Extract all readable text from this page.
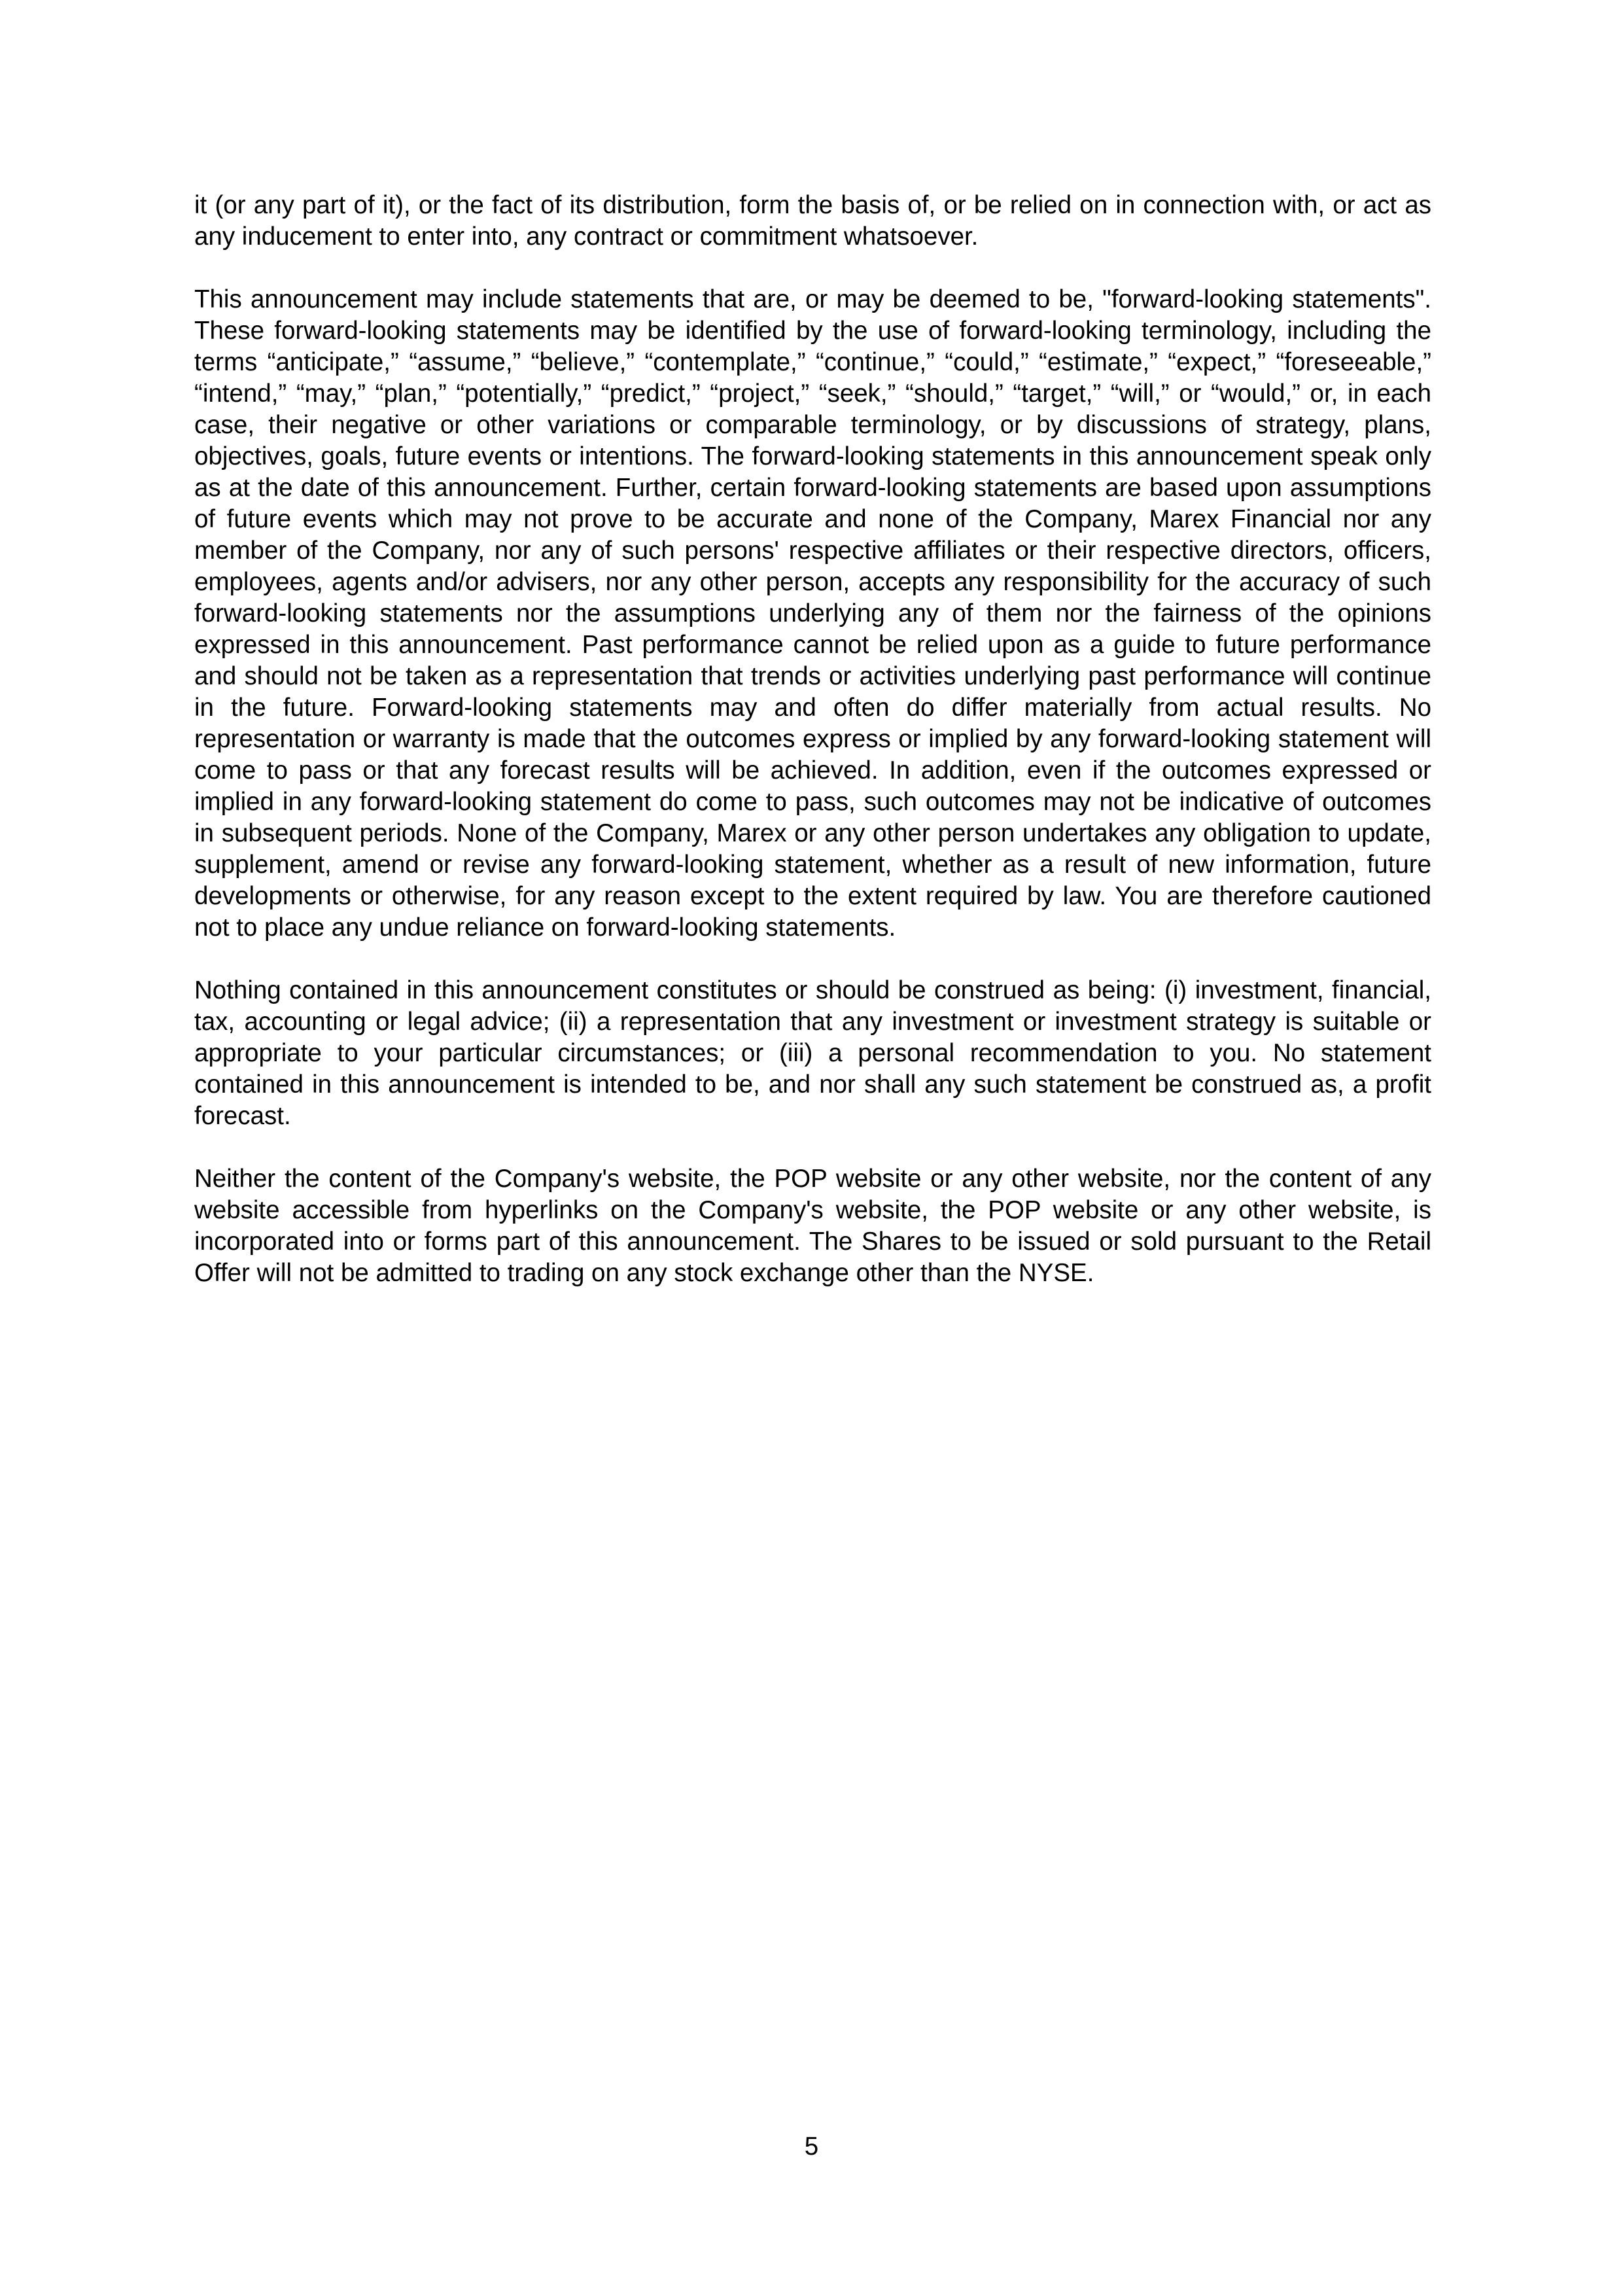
it (or any part of it), or the fact of its distribution, form the basis of, or be relied on in connection with, or act as any inducement to enter into, any contract or commitment whatsoever.

This announcement may include statements that are, or may be deemed to be, "forward-looking statements". These forward-looking statements may be identified by the use of forward-looking terminology, including the terms “anticipate,” “assume,” “believe,” “contemplate,” “continue,” “could,” “estimate,” “expect,” “foreseeable,” “intend,” “may,” “plan,” “potentially,” “predict,” “project,” “seek,” “should,” “target,” “will,” or “would,” or, in each case, their negative or other variations or comparable terminology, or by discussions of strategy, plans, objectives, goals, future events or intentions. The forward-looking statements in this announcement speak only as at the date of this announcement. Further, certain forward-looking statements are based upon assumptions of future events which may not prove to be accurate and none of the Company, Marex Financial nor any member of the Company, nor any of such persons' respective affiliates or their respective directors, officers, employees, agents and/or advisers, nor any other person, accepts any responsibility for the accuracy of such forward-looking statements nor the assumptions underlying any of them nor the fairness of the opinions expressed in this announcement. Past performance cannot be relied upon as a guide to future performance and should not be taken as a representation that trends or activities underlying past performance will continue in the future. Forward-looking statements may and often do differ materially from actual results. No representation or warranty is made that the outcomes express or implied by any forward-looking statement will come to pass or that any forecast results will be achieved. In addition, even if the outcomes expressed or implied in any forward-looking statement do come to pass, such outcomes may not be indicative of outcomes in subsequent periods. None of the Company, Marex or any other person undertakes any obligation to update, supplement, amend or revise any forward-looking statement, whether as a result of new information, future developments or otherwise, for any reason except to the extent required by law. You are therefore cautioned not to place any undue reliance on forward-looking statements.

Nothing contained in this announcement constitutes or should be construed as being: (i) investment, financial, tax, accounting or legal advice; (ii) a representation that any investment or investment strategy is suitable or appropriate to your particular circumstances; or (iii) a personal recommendation to you. No statement contained in this announcement is intended to be, and nor shall any such statement be construed as, a profit forecast.

Neither the content of the Company's website, the POP website or any other website, nor the content of any website accessible from hyperlinks on the Company's website, the POP website or any other website, is incorporated into or forms part of this announcement. The Shares to be issued or sold pursuant to the Retail Offer will not be admitted to trading on any stock exchange other than the NYSE.

5
